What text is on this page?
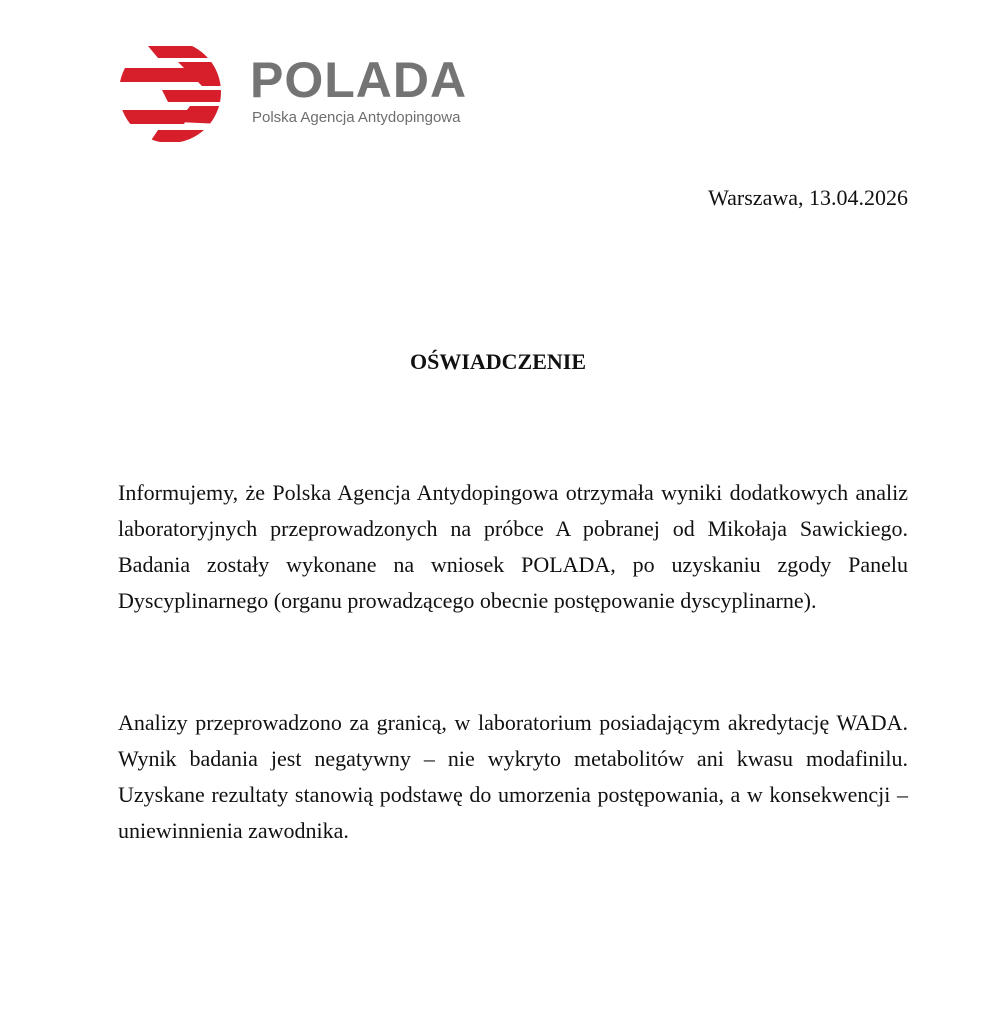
POLADA
Polska Agencja Antydopingowa
Warszawa, 13.04.2026
OŚWIADCZENIE

Informujemy, że Polska Agencja Antydopingowa otrzymała wyniki dodatkowych analiz laboratoryjnych przeprowadzonych na próbce A pobranej od Mikołaja Sawickiego. Badania zostały wykonane na wniosek POLADA, po uzyskaniu zgody Panelu Dyscyplinarnego (organu prowadzącego obecnie postępowanie dyscyplinarne).

Analizy przeprowadzono za granicą, w laboratorium posiadającym akredytację WADA. Wynik badania jest negatywny – nie wykryto metabolitów ani kwasu modafinilu. Uzyskane rezultaty stanowią podstawę do umorzenia postępowania, a w konsekwencji – uniewinnienia zawodnika.
